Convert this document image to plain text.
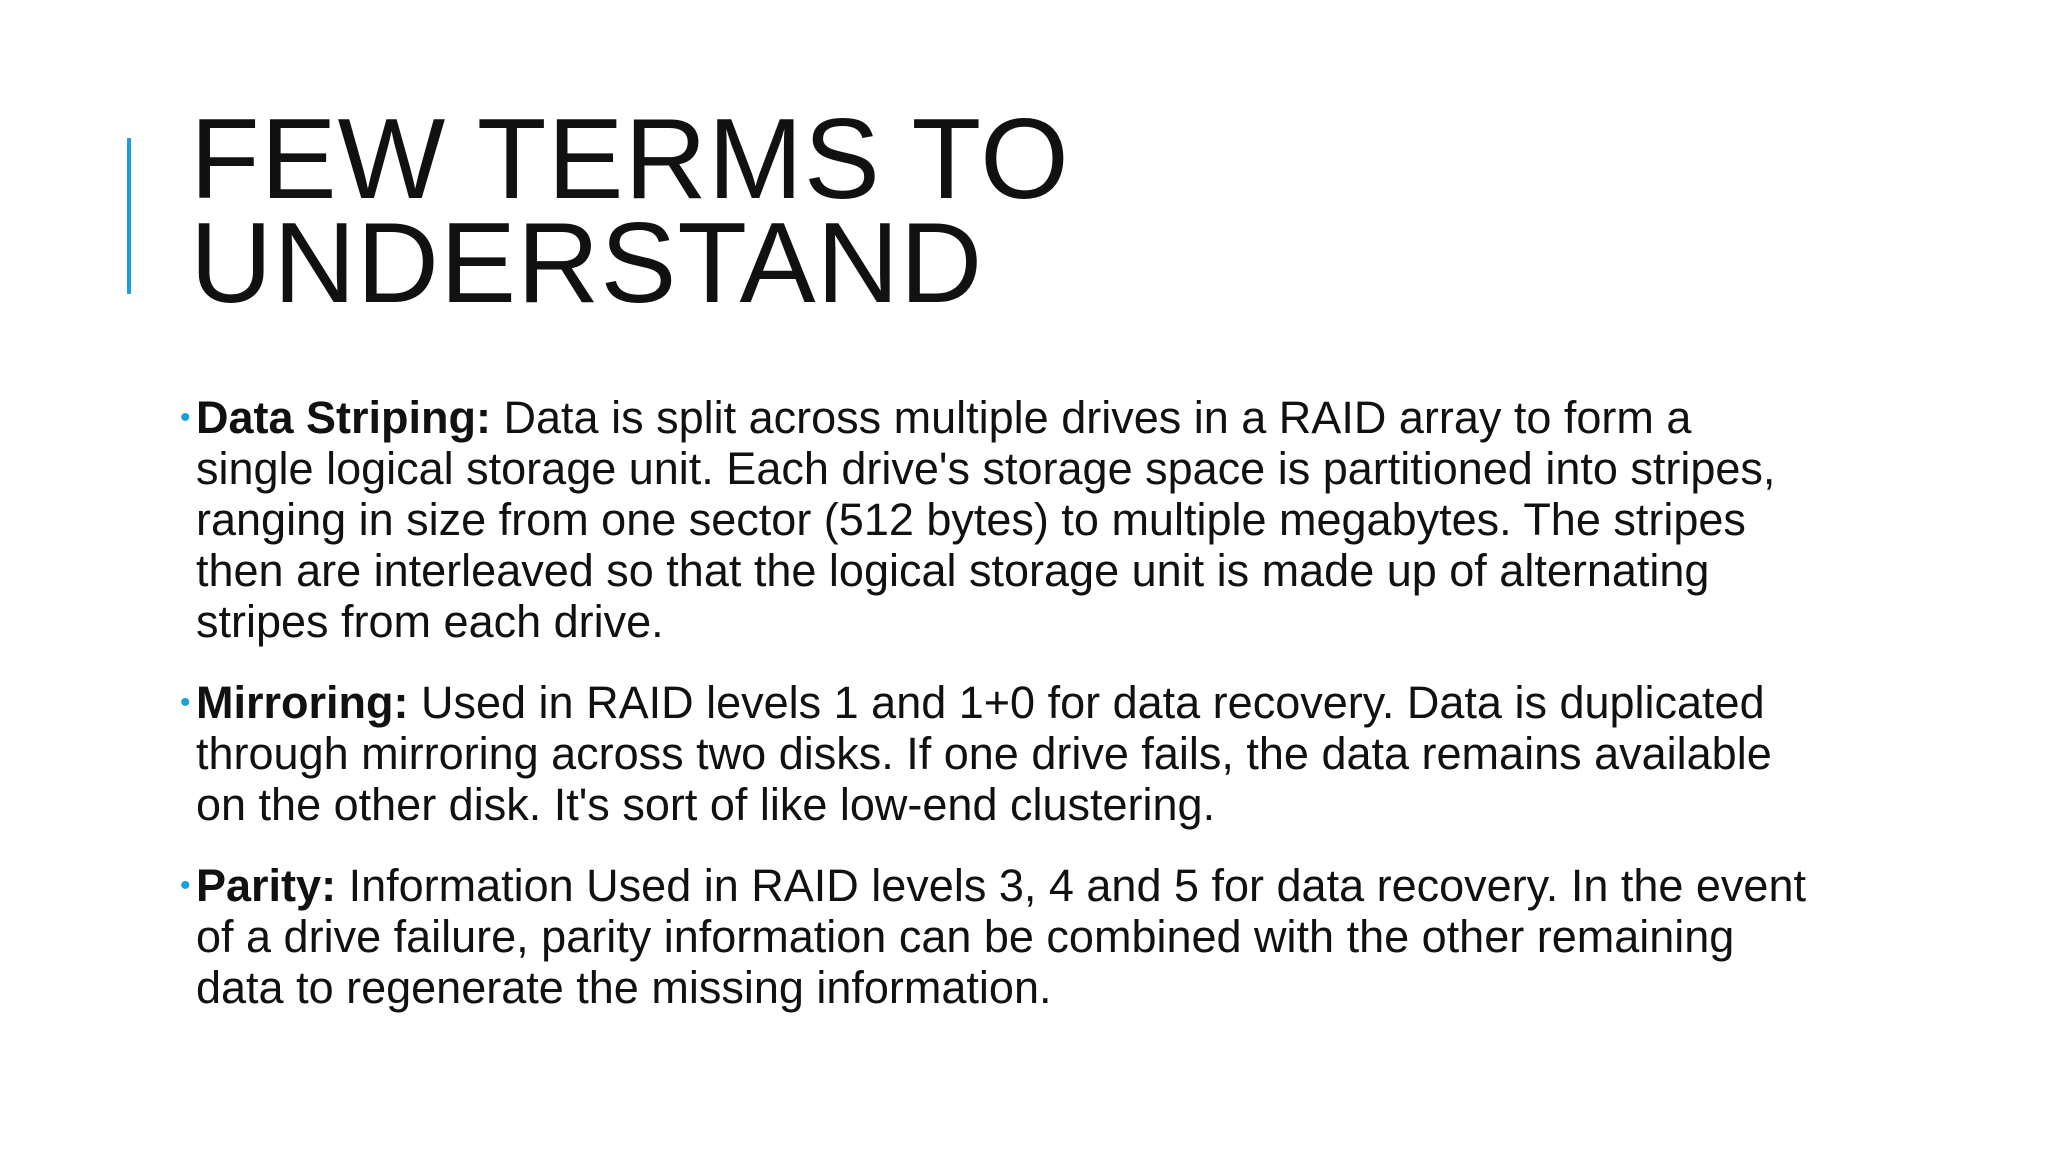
FEW TERMS TO
UNDERSTAND
• Data Striping: Data is split across multiple drives in a RAID array to form a single logical storage unit. Each drive's storage space is partitioned into stripes, ranging in size from one sector (512 bytes) to multiple megabytes. The stripes then are interleaved so that the logical storage unit is made up of alternating stripes from each drive.
• Mirroring: Used in RAID levels 1 and 1+0 for data recovery. Data is duplicated through mirroring across two disks. If one drive fails, the data remains available on the other disk. It's sort of like low-end clustering.
• Parity: Information Used in RAID levels 3, 4 and 5 for data recovery. In the event of a drive failure, parity information can be combined with the other remaining data to regenerate the missing information.
